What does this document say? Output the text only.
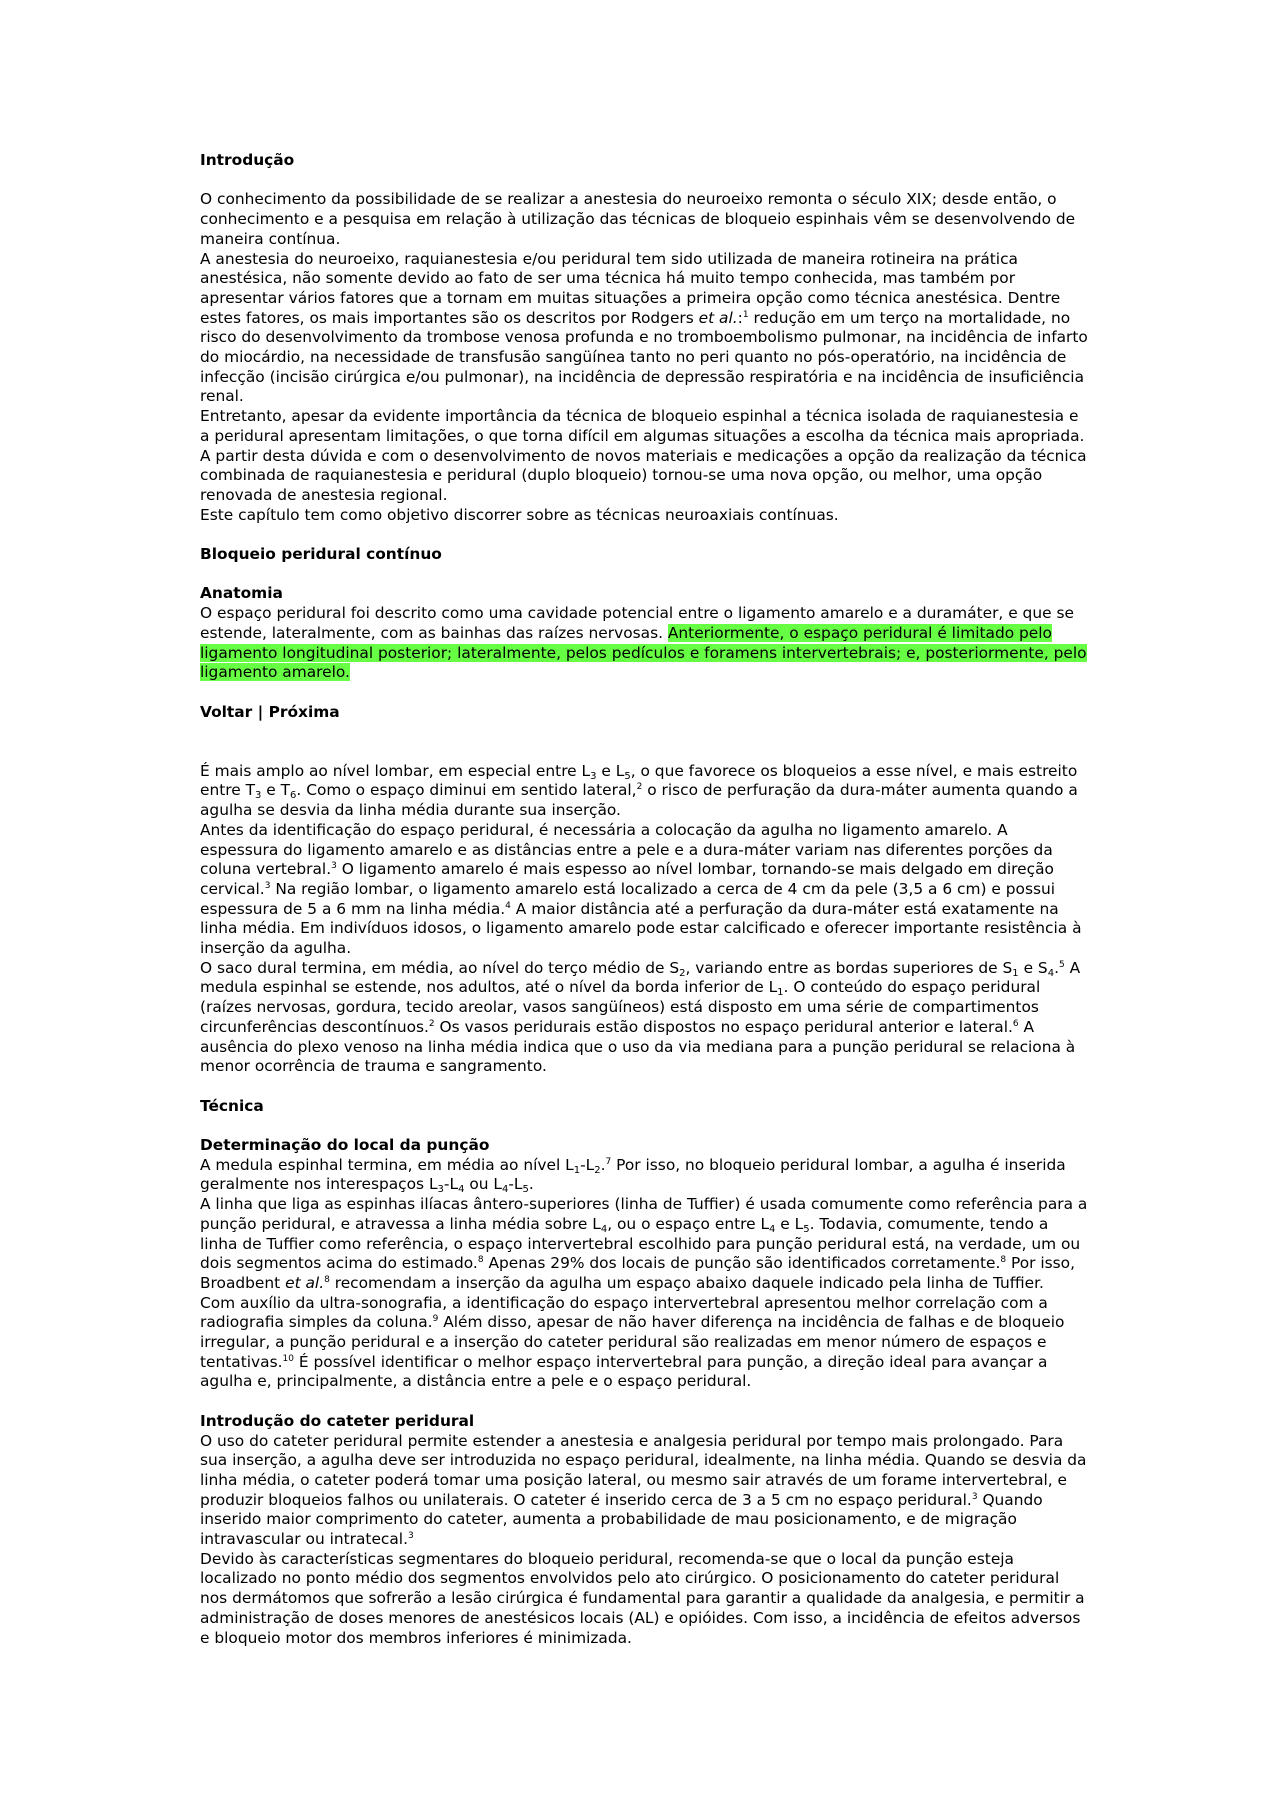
Introdução

O conhecimento da possibilidade de se realizar a anestesia do neuroeixo remonta o século XIX; desde então, o conhecimento e a pesquisa em relação à utilização das técnicas de bloqueio espinhais vêm se desenvolvendo de maneira contínua.

A anestesia do neuroeixo, raquianestesia e/ou peridural tem sido utilizada de maneira rotineira na prática anestésica, não somente devido ao fato de ser uma técnica há muito tempo conhecida, mas também por apresentar vários fatores que a tornam em muitas situações a primeira opção como técnica anestésica. Dentre estes fatores, os mais importantes são os descritos por Rodgers et al.:$^1$ redução em um terço na mortalidade, no risco do desenvolvimento da trombose venosa profunda e no tromboembolismo pulmonar, na incidência de infarto do miocárdio, na necessidade de transfusão sangüínea tanto no peri quanto no pós-operatório, na incidência de infecção (incisão cirúrgica e/ou pulmonar), na incidência de depressão respiratória e na incidência de insuficiência renal.

Entretanto, apesar da evidente importância da técnica de bloqueio espinhal a técnica isolada de raquianestesia e a peridural apresentam limitações, o que torna difícil em algumas situações a escolha da técnica mais apropriada. A partir desta dúvida e com o desenvolvimento de novos materiais e medicações a opção da realização da técnica combinada de raquianestesia e peridural (duplo bloqueio) tornou-se uma nova opção, ou melhor, uma opção renovada de anestesia regional.

Este capítulo tem como objetivo discorrer sobre as técnicas neuroaxiais contínuas.

Bloqueio peridural contínuo
Anatomia

O espaço peridural foi descrito como uma cavidade potencial entre o ligamento amarelo e a duramáter, e que se estende, lateralmente, com as bainhas das raízes nervosas. Anteriormente, o espaço peridural é limitado pelo ligamento longitudinal posterior; lateralmente, pelos pedículos e foramens intervertebrais; e, posteriormente, pelo ligamento amarelo.

Voltar | Próxima

É mais amplo ao nível lombar, em especial entre $L_3$ e $L_5$, o que favorece os bloqueios a esse nível, e mais estreito entre $T_3$ e $T_6$. Como o espaço diminui em sentido lateral,$^2$ o risco de perfuração da dura-máter aumenta quando a agulha se desvia da linha média durante sua inserção.

Antes da identificação do espaço peridural, é necessária a colocação da agulha no ligamento amarelo. A espessura do ligamento amarelo e as distâncias entre a pele e a dura-máter variam nas diferentes porções da coluna vertebral.$^3$ O ligamento amarelo é mais espesso ao nível lombar, tornando-se mais delgado em direção cervical.$^3$ Na região lombar, o ligamento amarelo está localizado a cerca de 4 cm da pele (3,5 a 6 cm) e possui espessura de 5 a 6 mm na linha média.$^4$ A maior distância até a perfuração da dura-máter está exatamente na linha média. Em indivíduos idosos, o ligamento amarelo pode estar calcificado e oferecer importante resistência à inserção da agulha.

O saco dural termina, em média, ao nível do terço médio de $S_2$, variando entre as bordas superiores de $S_1$ e $S_4.^5$ A medula espinhal se estende, nos adultos, até o nível da borda inferior de $L_1$. O conteúdo do espaço peridural (raízes nervosas, gordura, tecido areolar, vasos sangüíneos) está disposto em uma série de compartimentos circunferências descontínuos.$^2$ Os vasos peridurais estão dispostos no espaço peridural anterior e lateral.$^6$ A ausência do plexo venoso na linha média indica que o uso da via mediana para a punção peridural se relaciona à menor ocorrência de trauma e sangramento.

Técnica
Determinação do local da punção

A medula espinhal termina, em média ao nível $L_1-L_2.^7$ Por isso, no bloqueio peridural lombar, a agulha é inserida geralmente nos interespaços $L_3-L_4$ ou $L_4-L_5$.

A linha que liga as espinhas ilíacas ântero-superiores (linha de Tuffier) é usada comumente como referência para a punção peridural, e atravessa a linha média sobre $L_4$, ou o espaço entre $L_4$ e $L_5$. Todavia, comumente, tendo a linha de Tuffier como referência, o espaço intervertebral escolhido para punção peridural está, na verdade, um ou dois segmentos acima do estimado.$^8$ Apenas 29% dos locais de punção são identificados corretamente.$^8$ Por isso, Broadbent et al.$^8$ recomendam a inserção da agulha um espaço abaixo daquele indicado pela linha de Tuffier.

Com auxílio da ultra-sonografia, a identificação do espaço intervertebral apresentou melhor correlação com a radiografia simples da coluna.$^9$ Além disso, apesar de não haver diferença na incidência de falhas e de bloqueio irregular, a punção peridural e a inserção do cateter peridural são realizadas em menor número de espaços e tentativas.$^{10}$ É possível identificar o melhor espaço intervertebral para punção, a direção ideal para avançar a agulha e, principalmente, a distância entre a pele e o espaço peridural.

Introdução do cateter peridural

O uso do cateter peridural permite estender a anestesia e analgesia peridural por tempo mais prolongado. Para sua inserção, a agulha deve ser introduzida no espaço peridural, idealmente, na linha média. Quando se desvia da linha média, o cateter poderá tomar uma posição lateral, ou mesmo sair através de um forame intervertebral, e produzir bloqueios falhos ou unilaterais. O cateter é inserido cerca de 3 a 5 cm no espaço peridural.$^3$ Quando inserido maior comprimento do cateter, aumenta a probabilidade de mau posicionamento, e de migração intravascular ou intratecal.$^3$

Devido às características segmentares do bloqueio peridural, recomenda-se que o local da punção esteja localizado no ponto médio dos segmentos envolvidos pelo ato cirúrgico. O posicionamento do cateter peridural nos dermátomos que sofrerão a lesão cirúrgica é fundamental para garantir a qualidade da analgesia, e permitir a administração de doses menores de anestésicos locais (AL) e opióides. Com isso, a incidência de efeitos adversos e bloqueio motor dos membros inferiores é minimizada.
